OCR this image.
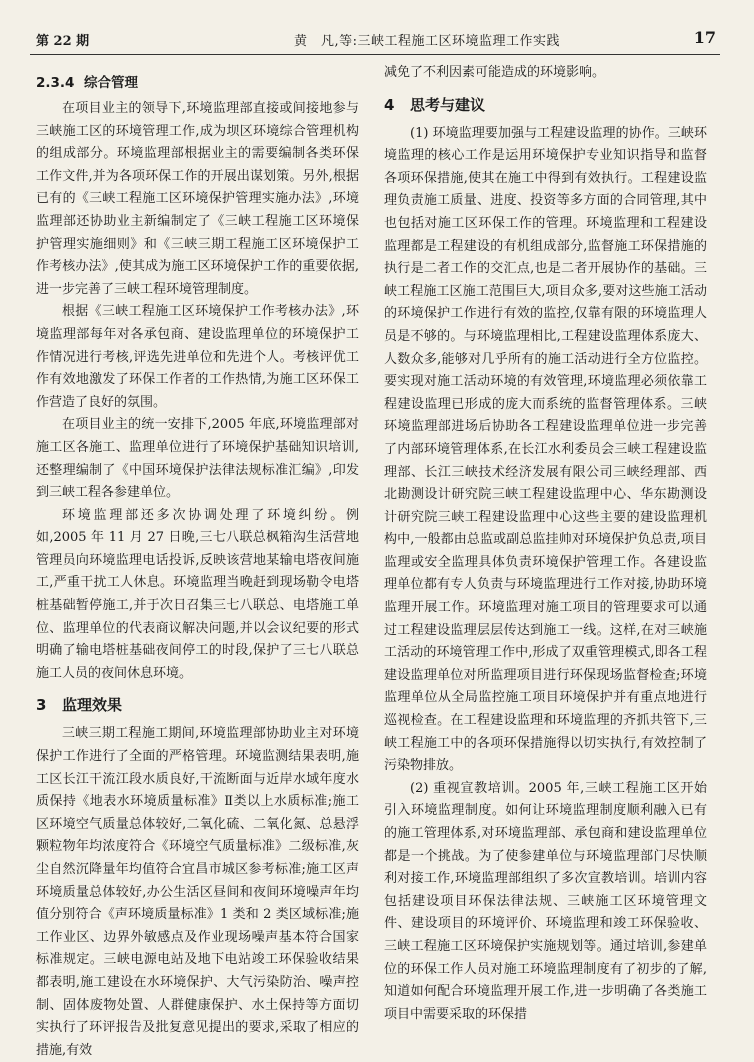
第 22 期	黄　凡,等:三峡工程施工区环境监理工作实践	17
2.3.4 综合管理

在项目业主的领导下,环境监理部直接或间接地参与三峡施工区的环境管理工作,成为坝区环境综合管理机构的组成部分。环境监理部根据业主的需要编制各类环保工作文件,并为各项环保工作的开展出谋划策。另外,根据已有的《三峡工程施工区环境保护管理实施办法》,环境监理部还协助业主新编制定了《三峡工程施工区环境保护管理实施细则》和《三峡三期工程施工区环境保护工作考核办法》,使其成为施工区环境保护工作的重要依据,进一步完善了三峡工程环境管理制度。

根据《三峡工程施工区环境保护工作考核办法》,环境监理部每年对各承包商、建设监理单位的环境保护工作情况进行考核,评选先进单位和先进个人。考核评优工作有效地激发了环保工作者的工作热情,为施工区环保工作营造了良好的氛围。

在项目业主的统一安排下,2005 年底,环境监理部对施工区各施工、监理单位进行了环境保护基础知识培训,还整理编制了《中国环境保护法律法规标准汇编》,印发到三峡工程各参建单位。

环境监理部还多次协调处理了环境纠纷。例如,2005 年 11 月 27 日晚,三七八联总枫箱沟生活营地管理员向环境监理电话投诉,反映该营地某输电塔夜间施工,严重干扰工人休息。环境监理当晚赶到现场勒令电塔桩基础暂停施工,并于次日召集三七八联总、电塔施工单位、监理单位的代表商议解决问题,并以会议纪要的形式明确了输电塔桩基础夜间停工的时段,保护了三七八联总施工人员的夜间休息环境。

3 监理效果

三峡三期工程施工期间,环境监理部协助业主对环境保护工作进行了全面的严格管理。环境监测结果表明,施工区长江干流江段水质良好,干流断面与近岸水域年度水质保持《地表水环境质量标准》Ⅱ类以上水质标准;施工区环境空气质量总体较好,二氧化硫、二氧化氮、总悬浮颗粒物年均浓度符合《环境空气质量标准》二级标准,灰尘自然沉降量年均值符合宜昌市城区参考标准;施工区声环境质量总体较好,办公生活区昼间和夜间环境噪声年均值分别符合《声环境质量标准》1 类和 2 类区域标准;施工作业区、边界外敏感点及作业现场噪声基本符合国家标准规定。三峡电源电站及地下电站竣工环保验收结果都表明,施工建设在水环境保护、大气污染防治、噪声控制、固体废物处置、人群健康保护、水土保持等方面切实执行了环评报告及批复意见提出的要求,采取了相应的措施,有效

减免了不利因素可能造成的环境影响。

4 思考与建议

(1) 环境监理要加强与工程建设监理的协作。三峡环境监理的核心工作是运用环境保护专业知识指导和监督各项环保措施,使其在施工中得到有效执行。工程建设监理负责施工质量、进度、投资等多方面的合同管理,其中也包括对施工区环保工作的管理。环境监理和工程建设监理都是工程建设的有机组成部分,监督施工环保措施的执行是二者工作的交汇点,也是二者开展协作的基础。三峡工程施工区施工范围巨大,项目众多,要对这些施工活动的环境保护工作进行有效的监控,仅靠有限的环境监理人员是不够的。与环境监理相比,工程建设监理体系庞大、人数众多,能够对几乎所有的施工活动进行全方位监控。要实现对施工活动环境的有效管理,环境监理必须依靠工程建设监理已形成的庞大而系统的监督管理体系。三峡环境监理部进场后协助各工程建设监理单位进一步完善了内部环境管理体系,在长江水利委员会三峡工程建设监理部、长江三峡技术经济发展有限公司三峡经理部、西北勘测设计研究院三峡工程建设监理中心、华东勘测设计研究院三峡工程建设监理中心这些主要的建设监理机构中,一般都由总监或副总监挂帅对环境保护负总责,项目监理或安全监理具体负责环境保护管理工作。各建设监理单位都有专人负责与环境监理进行工作对接,协助环境监理开展工作。环境监理对施工项目的管理要求可以通过工程建设监理层层传达到施工一线。这样,在对三峡施工活动的环境管理工作中,形成了双重管理模式,即各工程建设监理单位对所监理项目进行环保现场监督检查;环境监理单位从全局监控施工项目环境保护并有重点地进行巡视检查。在工程建设监理和环境监理的齐抓共管下,三峡工程施工中的各项环保措施得以切实执行,有效控制了污染物排放。

(2) 重视宣教培训。2005 年,三峡工程施工区开始引入环境监理制度。如何让环境监理制度顺利融入已有的施工管理体系,对环境监理部、承包商和建设监理单位都是一个挑战。为了使参建单位与环境监理部门尽快顺利对接工作,环境监理部组织了多次宣教培训。培训内容包括建设项目环保法律法规、三峡施工区环境管理文件、建设项目的环境评价、环境监理和竣工环保验收、三峡工程施工区环境保护实施规划等。通过培训,参建单位的环保工作人员对施工环境监理制度有了初步的了解,知道如何配合环境监理开展工作,进一步明确了各类施工项目中需要采取的环保措
